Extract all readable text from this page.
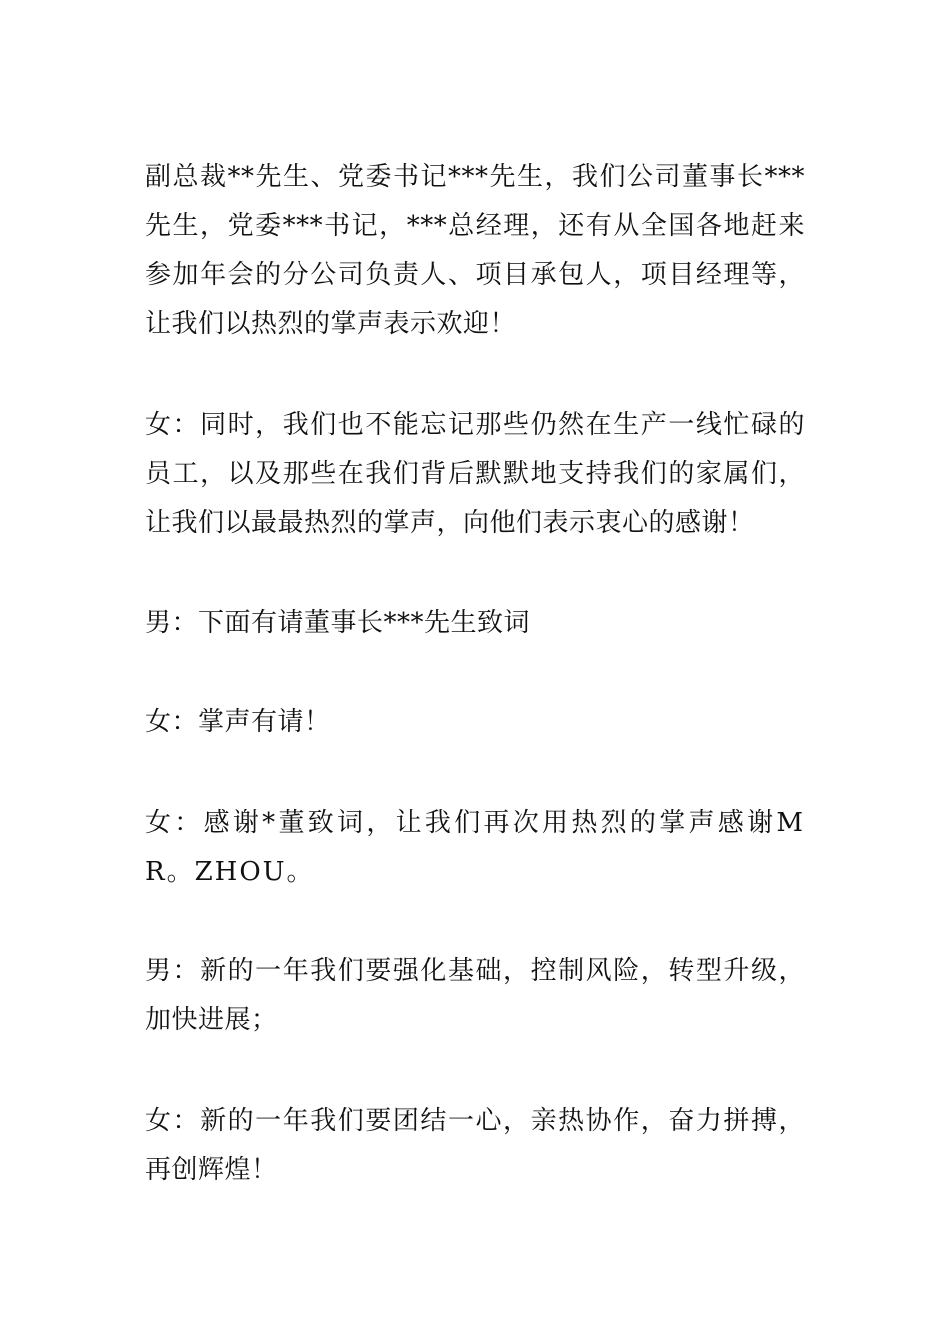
副总裁**先生、党委书记***先生，我们公司董事长***先生，党委***书记，***总经理，还有从全国各地赶来参加年会的分公司负责人、项目承包人，项目经理等，让我们以热烈的掌声表示欢迎！

女：同时，我们也不能忘记那些仍然在生产一线忙碌的员工，以及那些在我们背后默默地支持我们的家属们，让我们以最最热烈的掌声，向他们表示衷心的感谢！

男：下面有请董事长***先生致词

女：掌声有请！

女：感谢*董致词，让我们再次用热烈的掌声感谢MR。ZHOU。

男：新的一年我们要强化基础，控制风险，转型升级，加快进展；

女：新的一年我们要团结一心，亲热协作，奋力拼搏，再创辉煌！
